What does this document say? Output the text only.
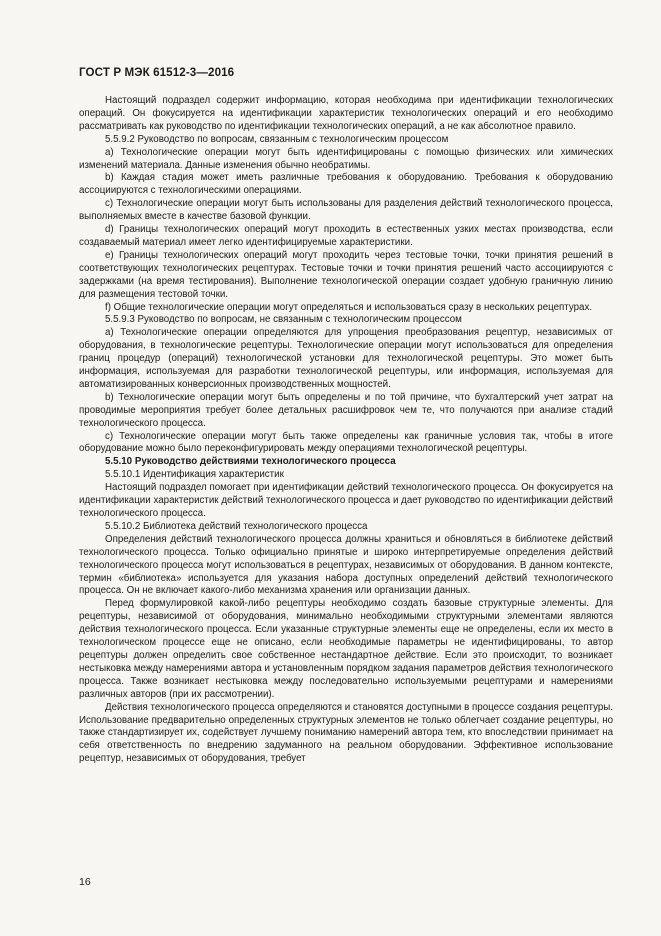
ГОСТ Р МЭК 61512-3—2016

Настоящий подраздел содержит информацию, которая необходима при идентификации технологических операций. Он фокусируется на идентификации характеристик технологических операций и его необходимо рассматривать как руководство по идентификации технологических операций, а не как абсолютное правило.

5.5.9.2 Руководство по вопросам, связанным с технологическим процессом

a) Технологические операции могут быть идентифицированы с помощью физических или химических изменений материала. Данные изменения обычно необратимы.

b) Каждая стадия может иметь различные требования к оборудованию. Требования к оборудованию ассоциируются с технологическими операциями.

c) Технологические операции могут быть использованы для разделения действий технологического процесса, выполняемых вместе в качестве базовой функции.

d) Границы технологических операций могут проходить в естественных узких местах производства, если создаваемый материал имеет легко идентифицируемые характеристики.

e) Границы технологических операций могут проходить через тестовые точки, точки принятия решений в соответствующих технологических рецептурах. Тестовые точки и точки принятия решений часто ассоциируются с задержками (на время тестирования). Выполнение технологической операции создает удобную граничную линию для размещения тестовой точки.

f) Общие технологические операции могут определяться и использоваться сразу в нескольких рецептурах.

5.5.9.3 Руководство по вопросам, не связанным с технологическим процессом

a) Технологические операции определяются для упрощения преобразования рецептур, независимых от оборудования, в технологические рецептуры. Технологические операции могут использоваться для определения границ процедур (операций) технологической установки для технологической рецептуры. Это может быть информация, используемая для разработки технологической рецептуры, или информация, используемая для автоматизированных конверсионных производственных мощностей.

b) Технологические операции могут быть определены и по той причине, что бухгалтерский учет затрат на проводимые мероприятия требует более детальных расшифровок чем те, что получаются при анализе стадий технологического процесса.

c) Технологические операции могут быть также определены как граничные условия так, чтобы в итоге оборудование можно было переконфигурировать между операциями технологической рецептуры.

5.5.10 Руководство действиями технологического процесса

5.5.10.1 Идентификация характеристик

Настоящий подраздел помогает при идентификации действий технологического процесса. Он фокусируется на идентификации характеристик действий технологического процесса и дает руководство по идентификации действий технологического процесса.

5.5.10.2 Библиотека действий технологического процесса

Определения действий технологического процесса должны храниться и обновляться в библиотеке действий технологического процесса. Только официально принятые и широко интерпретируемые определения действий технологического процесса могут использоваться в рецептурах, независимых от оборудования. В данном контексте, термин «библиотека» используется для указания набора доступных определений действий технологического процесса. Он не включает какого-либо механизма хранения или организации данных.

Перед формулировкой какой-либо рецептуры необходимо создать базовые структурные элементы. Для рецептуры, независимой от оборудования, минимально необходимыми структурными элементами являются действия технологического процесса. Если указанные структурные элементы еще не определены, если их место в технологическом процессе еще не описано, если необходимые параметры не идентифицированы, то автор рецептуры должен определить свое собственное нестандартное действие. Если это происходит, то возникает нестыковка между намерениями автора и установленным порядком задания параметров действия технологического процесса. Также возникает нестыковка между последовательно используемыми рецептурами и намерениями различных авторов (при их рассмотрении).

Действия технологического процесса определяются и становятся доступными в процессе создания рецептуры. Использование предварительно определенных структурных элементов не только облегчает создание рецептуры, но также стандартизирует их, содействует лучшему пониманию намерений автора тем, кто впоследствии принимает на себя ответственность по внедрению задуманного на реальном оборудовании. Эффективное использование рецептур, независимых от оборудования, требует

16
